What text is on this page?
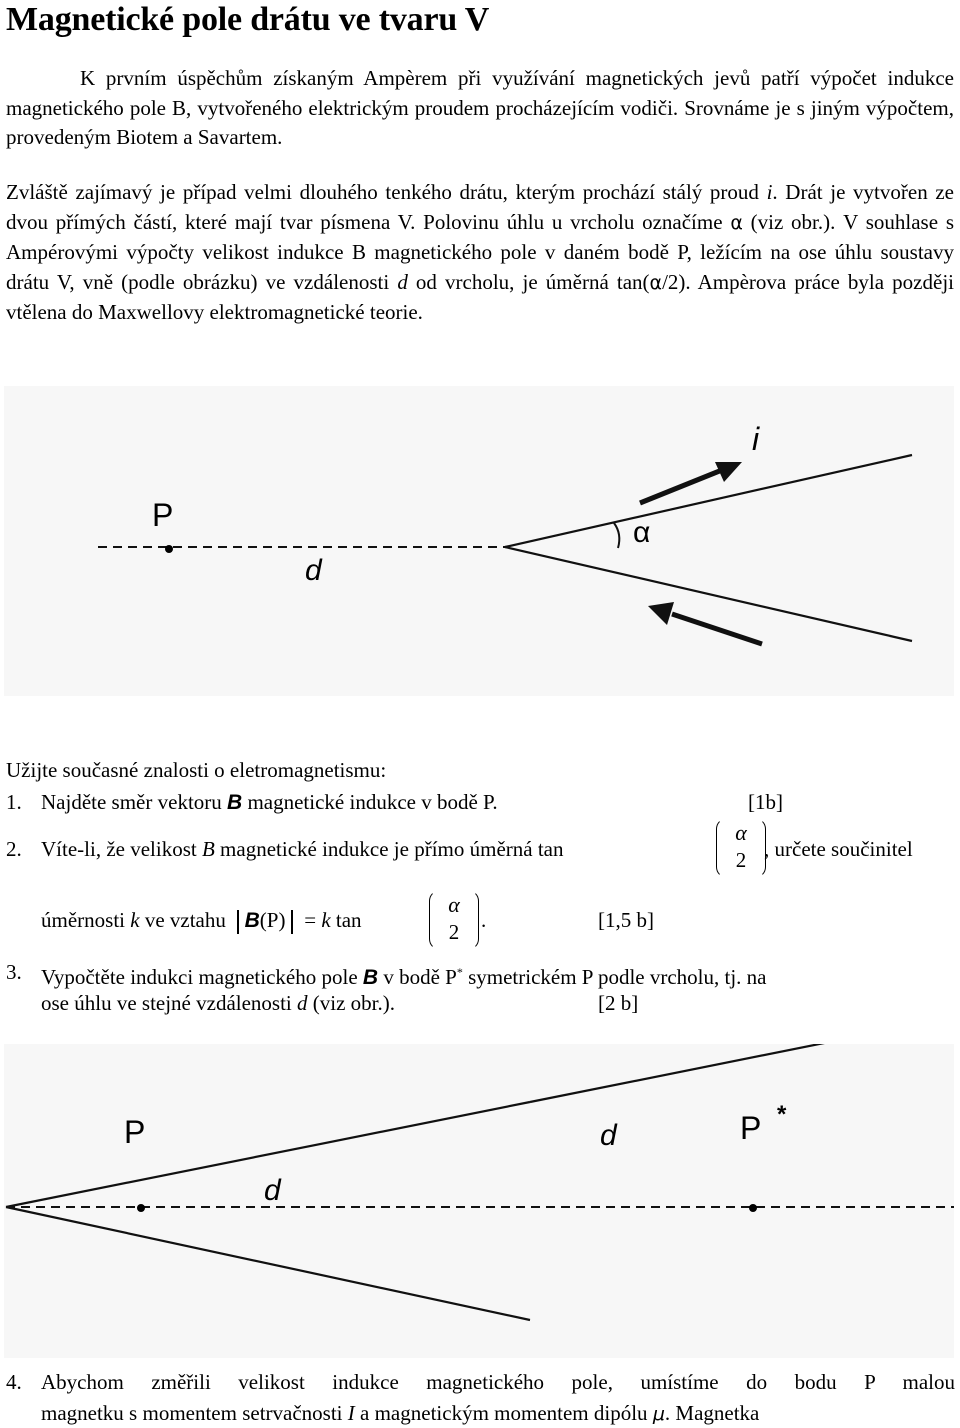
Magnetické pole drátu ve tvaru V

K prvním úspěchům získaným Ampèrem při využívání magnetických jevů patří výpočet indukce magnetického pole B, vytvořeného elektrickým proudem procházejícím vodiči. Srovnáme je s jiným výpočtem, provedeným Biotem a Savartem.

Zvláště zajímavý je případ velmi dlouhého tenkého drátu, kterým prochází stálý proud i. Drát je vytvořen ze dvou přímých částí, které mají tvar písmena V. Polovinu úhlu u vrcholu označíme α (viz obr.). V souhlase s Ampérovými výpočty velikost indukce B magnetického pole v daném bodě P, ležícím na ose úhlu soustavy drátu V, vně (podle obrázku) ve vzdálenosti d od vrcholu, je úměrná tan(α/2). Ampèrova práce byla později vtělena do Maxwellovy elektromagnetické teorie.

P
d
i
α
Užijte současné znalosti o eletromagnetismu:
1. Najděte směr vektoru B magnetické indukce v bodě P.	[1b]
2. Víte-li, že velikost B magnetické indukce je přímo úměrná tan
α
2 , určete součinitel
úměrnosti k ve vztahu B(P) = k tan
α
2	.	[1,5 b]
3. Vypočtěte indukci magnetického pole B v bodě P* symetrickém P podle vrcholu, tj. na
ose úhlu ve stejné vzdálenosti d (viz obr.).	[2 b]
P
d
d	P *
4. Abychom změřili velikost indukce magnetického pole, umístíme do bodu P malou
magnetku s momentem setrvačnosti I a magnetickým momentem dipólu μ. Magnetka
